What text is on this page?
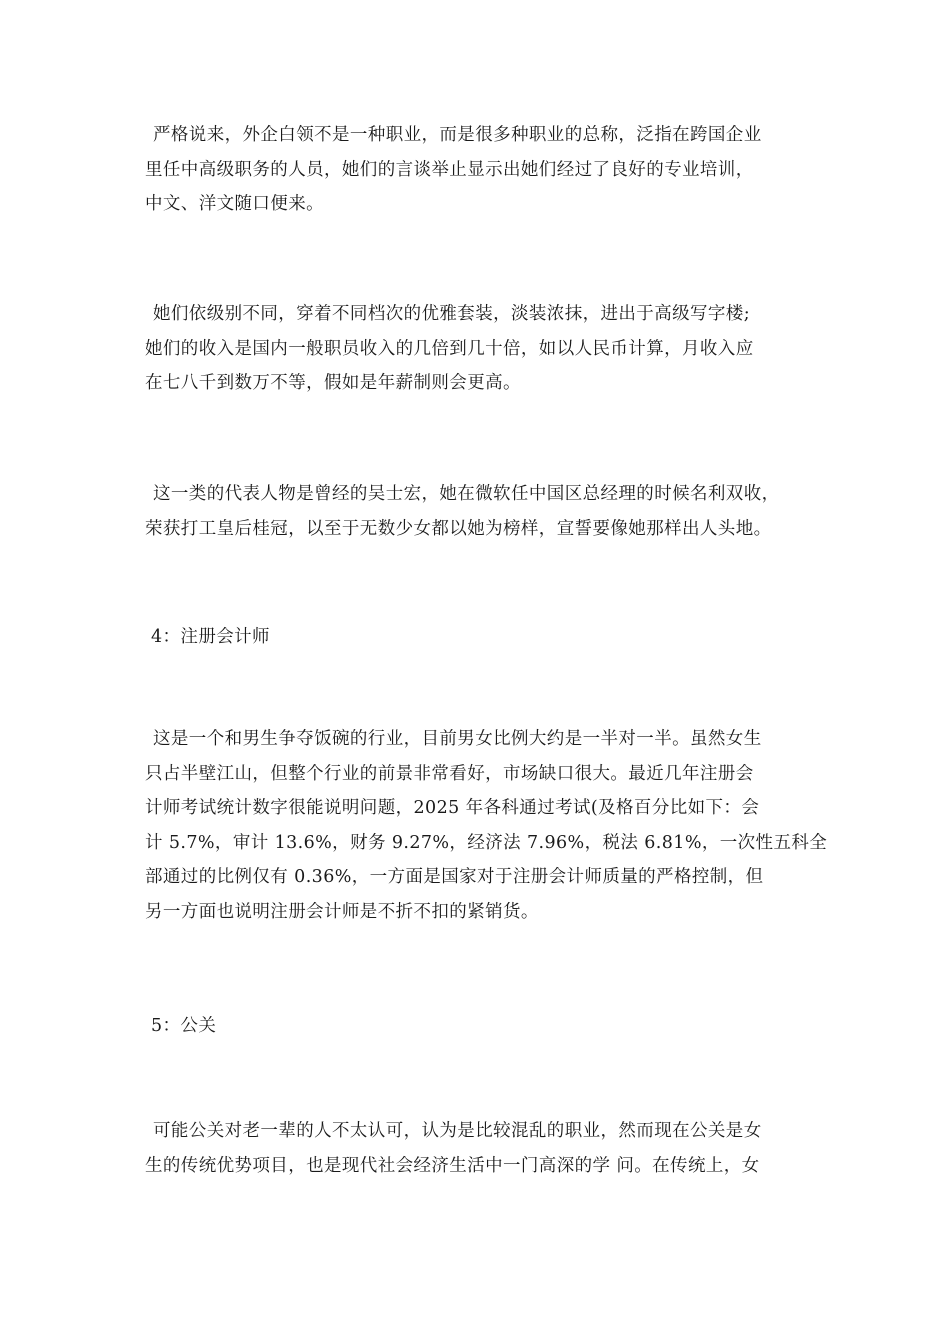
严格说来，外企白领不是一种职业，而是很多种职业的总称，泛指在跨国企业
里任中高级职务的人员，她们的言谈举止显示出她们经过了良好的专业培训，
中文、洋文随口便来。
她们依级别不同，穿着不同档次的优雅套装，淡装浓抹，进出于高级写字楼;
她们的收入是国内一般职员收入的几倍到几十倍，如以人民币计算，月收入应
在七八千到数万不等，假如是年薪制则会更高。
这一类的代表人物是曾经的吴士宏，她在微软任中国区总经理的时候名利双收，
荣获打工皇后桂冠，以至于无数少女都以她为榜样，宣誓要像她那样出人头地。
4：注册会计师
这是一个和男生争夺饭碗的行业，目前男女比例大约是一半对一半。虽然女生
只占半壁江山，但整个行业的前景非常看好，市场缺口很大。最近几年注册会
计师考试统计数字很能说明问题，2025 年各科通过考试(及格百分比如下：会
计 5.7%，审计 13.6%，财务 9.27%，经济法 7.96%，税法 6.81%，一次性五科全
部通过的比例仅有 0.36%，一方面是国家对于注册会计师质量的严格控制，但
另一方面也说明注册会计师是不折不扣的紧销货。
5：公关
可能公关对老一辈的人不太认可，认为是比较混乱的职业，然而现在公关是女
生的传统优势项目，也是现代社会经济生活中一门高深的学 问。在传统上，女
